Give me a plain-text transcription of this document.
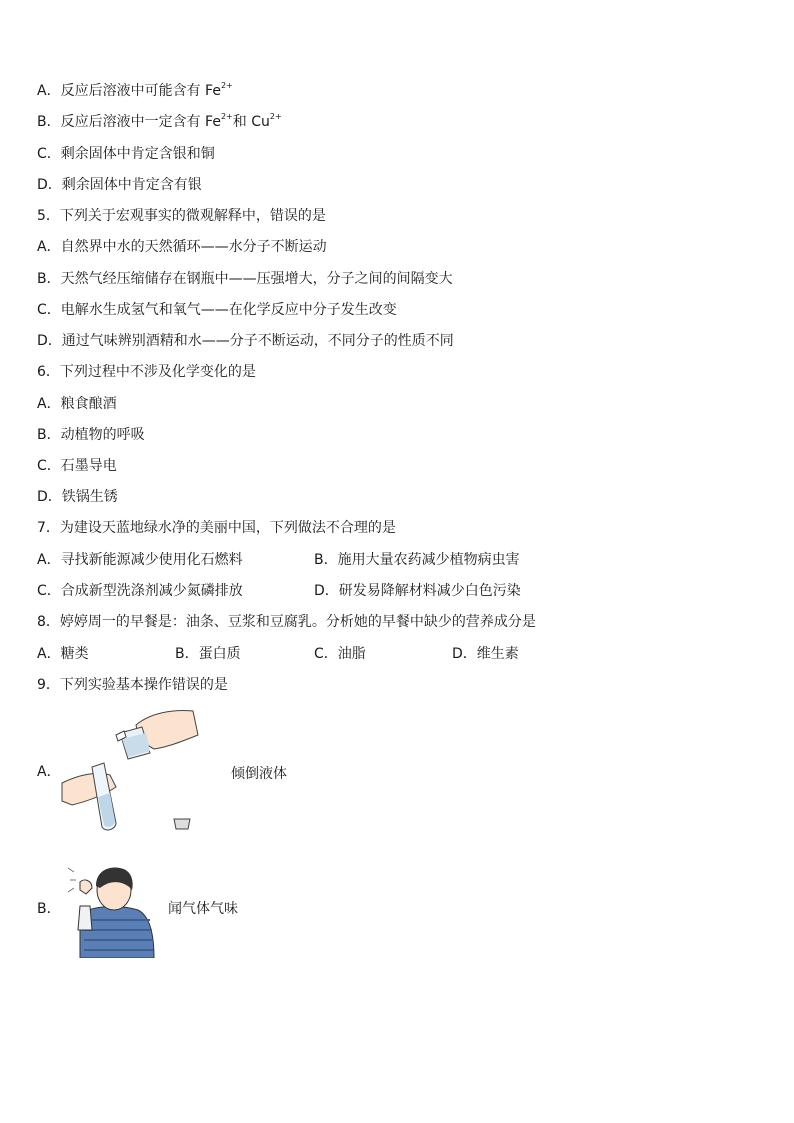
A．反应后溶液中可能含有 $Fe^{2+}$
B．反应后溶液中一定含有 $Fe^{2+}$和 $Cu^{2+}$
C．剩余固体中肯定含银和铜
D．剩余固体中肯定含有银
5．下列关于宏观事实的微观解释中，错误的是
A．自然界中水的天然循环——水分子不断运动
B．天然气经压缩储存在钢瓶中——压强增大，分子之间的间隔变大
C．电解水生成氢气和氧气——在化学反应中分子发生改变
D．通过气味辨别酒精和水——分子不断运动，不同分子的性质不同
6．下列过程中不涉及化学变化的是
A．粮食酿酒
B．动植物的呼吸
C．石墨导电
D．铁锅生锈
7．为建设天蓝地绿水净的美丽中国，下列做法不合理的是
A．寻找新能源减少使用化石燃料	B．施用大量农药减少植物病虫害
C．合成新型洗涤剂减少氮磷排放	D．研发易降解材料减少白色污染
8．婷婷周一的早餐是：油条、豆浆和豆腐乳。分析她的早餐中缺少的营养成分是
A．糖类	B．蛋白质	C．油脂	D．维生素
9．下列实验基本操作错误的是
A．	倾倒液体
B．	闻气体气味
